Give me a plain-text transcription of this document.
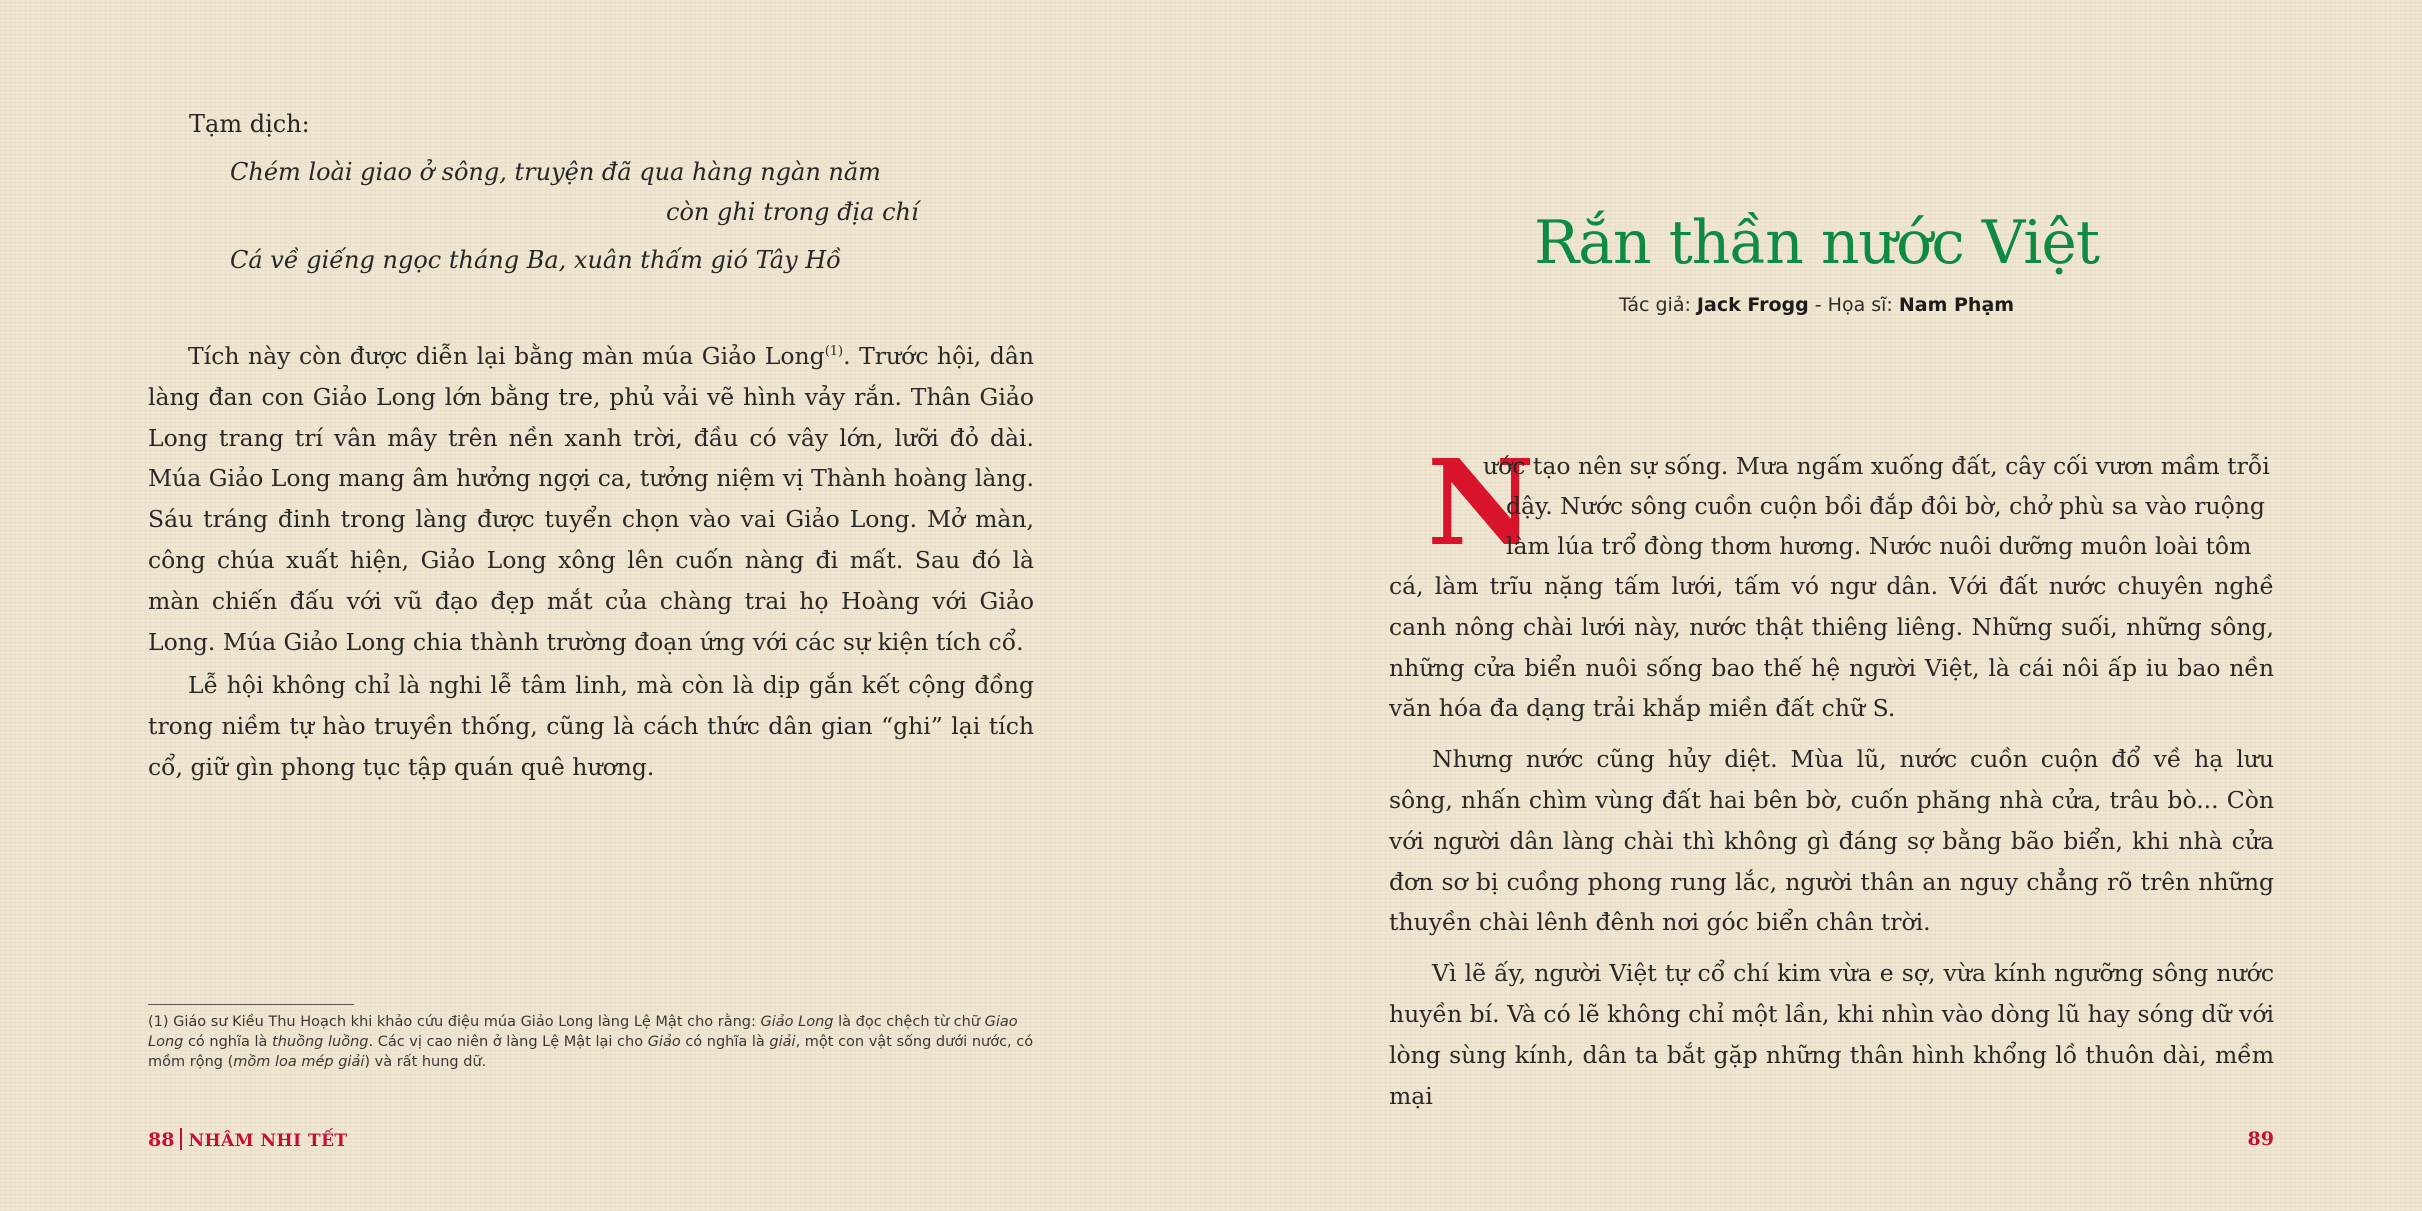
Tạm dịch:
Chém loài giao ở sông, truyện đã qua hàng ngàn năm
còn ghi trong địa chí
Cá về giếng ngọc tháng Ba, xuân thấm gió Tây Hồ

Tích này còn được diễn lại bằng màn múa Giảo Long$^{(1)}$. Trước hội, dân làng đan con Giảo Long lớn bằng tre, phủ vải vẽ hình vảy rắn. Thân Giảo Long trang trí vân mây trên nền xanh trời, đầu có vây lớn, lưỡi đỏ dài. Múa Giảo Long mang âm hưởng ngợi ca, tưởng niệm vị Thành hoàng làng. Sáu tráng đinh trong làng được tuyển chọn vào vai Giảo Long. Mở màn, công chúa xuất hiện, Giảo Long xông lên cuốn nàng đi mất. Sau đó là màn chiến đấu với vũ đạo đẹp mắt của chàng trai họ Hoàng với Giảo Long. Múa Giảo Long chia thành trường đoạn ứng với các sự kiện tích cổ.

Lễ hội không chỉ là nghi lễ tâm linh, mà còn là dịp gắn kết cộng đồng trong niềm tự hào truyền thống, cũng là cách thức dân gian “ghi” lại tích cổ, giữ gìn phong tục tập quán quê hương.

(1) Giáo sư Kiều Thu Hoạch khi khảo cứu điệu múa Giảo Long làng Lệ Mật cho rằng: Giảo Long là đọc chệch từ chữ Giao Long có nghĩa là thuồng luồng. Các vị cao niên ở làng Lệ Mật lại cho Giảo có nghĩa là giải, một con vật sống dưới nước, có mồm rộng (mồm loa mép giải) và rất hung dữ.
88 NHÂM NHI TẾT
Rắn thần nước Việt
Tác giả: Jack Frogg - Họa sĩ: Nam Phạm
N
ước tạo nên sự sống. Mưa ngấm xuống đất, cây cối vươn mầm trỗi
dậy. Nước sông cuồn cuộn bồi đắp đôi bờ, chở phù sa vào ruộng
làm lúa trổ đòng thơm hương. Nước nuôi dưỡng muôn loài tôm

cá, làm trĩu nặng tấm lưới, tấm vó ngư dân. Với đất nước chuyên nghề canh nông chài lưới này, nước thật thiêng liêng. Những suối, những sông, những cửa biển nuôi sống bao thế hệ người Việt, là cái nôi ấp iu bao nền văn hóa đa dạng trải khắp miền đất chữ S.

Nhưng nước cũng hủy diệt. Mùa lũ, nước cuồn cuộn đổ về hạ lưu sông, nhấn chìm vùng đất hai bên bờ, cuốn phăng nhà cửa, trâu bò... Còn với người dân làng chài thì không gì đáng sợ bằng bão biển, khi nhà cửa đơn sơ bị cuồng phong rung lắc, người thân an nguy chẳng rõ trên những thuyền chài lênh đênh nơi góc biển chân trời.

Vì lẽ ấy, người Việt tự cổ chí kim vừa e sợ, vừa kính ngưỡng sông nước huyền bí. Và có lẽ không chỉ một lần, khi nhìn vào dòng lũ hay sóng dữ với lòng sùng kính, dân ta bắt gặp những thân hình khổng lồ thuôn dài, mềm mại

89
